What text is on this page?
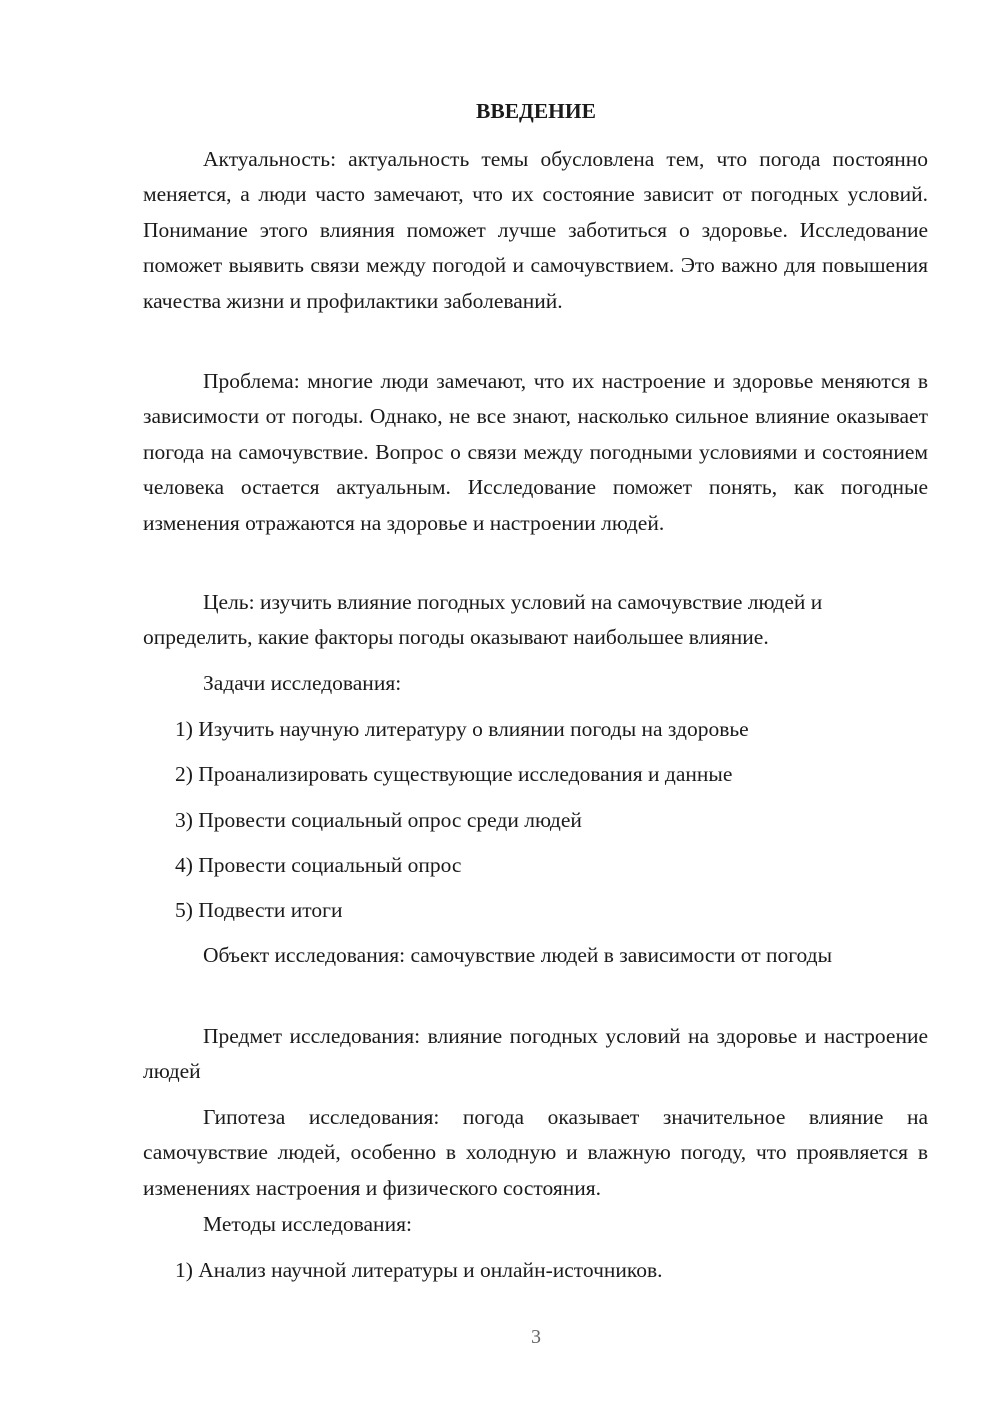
ВВЕДЕНИЕ

Актуальность: актуальность темы обусловлена тем, что погода постоянно меняется, а люди часто замечают, что их состояние зависит от погодных условий. Понимание этого влияния поможет лучше заботиться о здоровье. Исследование поможет выявить связи между погодой и самочувствием. Это важно для повышения качества жизни и профилактики заболеваний.

Проблема: многие люди замечают, что их настроение и здоровье меняются в зависимости от погоды. Однако, не все знают, насколько сильное влияние оказывает погода на самочувствие. Вопрос о связи между погодными условиями и состоянием человека остается актуальным. Исследование поможет понять, как погодные изменения отражаются на здоровье и настроении людей.

Цель: изучить влияние погодных условий на самочувствие людей и определить, какие факторы погоды оказывают наибольшее влияние.

Задачи исследования:

1) Изучить научную литературу о влиянии погоды на здоровье
2) Проанализировать существующие исследования и данные
3) Провести социальный опрос среди людей
4) Провести социальный опрос
5) Подвести итоги

Объект исследования: самочувствие людей в зависимости от погоды

Предмет исследования: влияние погодных условий на здоровье и настроение людей

Гипотеза исследования: погода оказывает значительное влияние на самочувствие людей, особенно в холодную и влажную погоду, что проявляется в изменениях настроения и физического состояния.

Методы исследования:

1) Анализ научной литературы и онлайн-источников.
3
